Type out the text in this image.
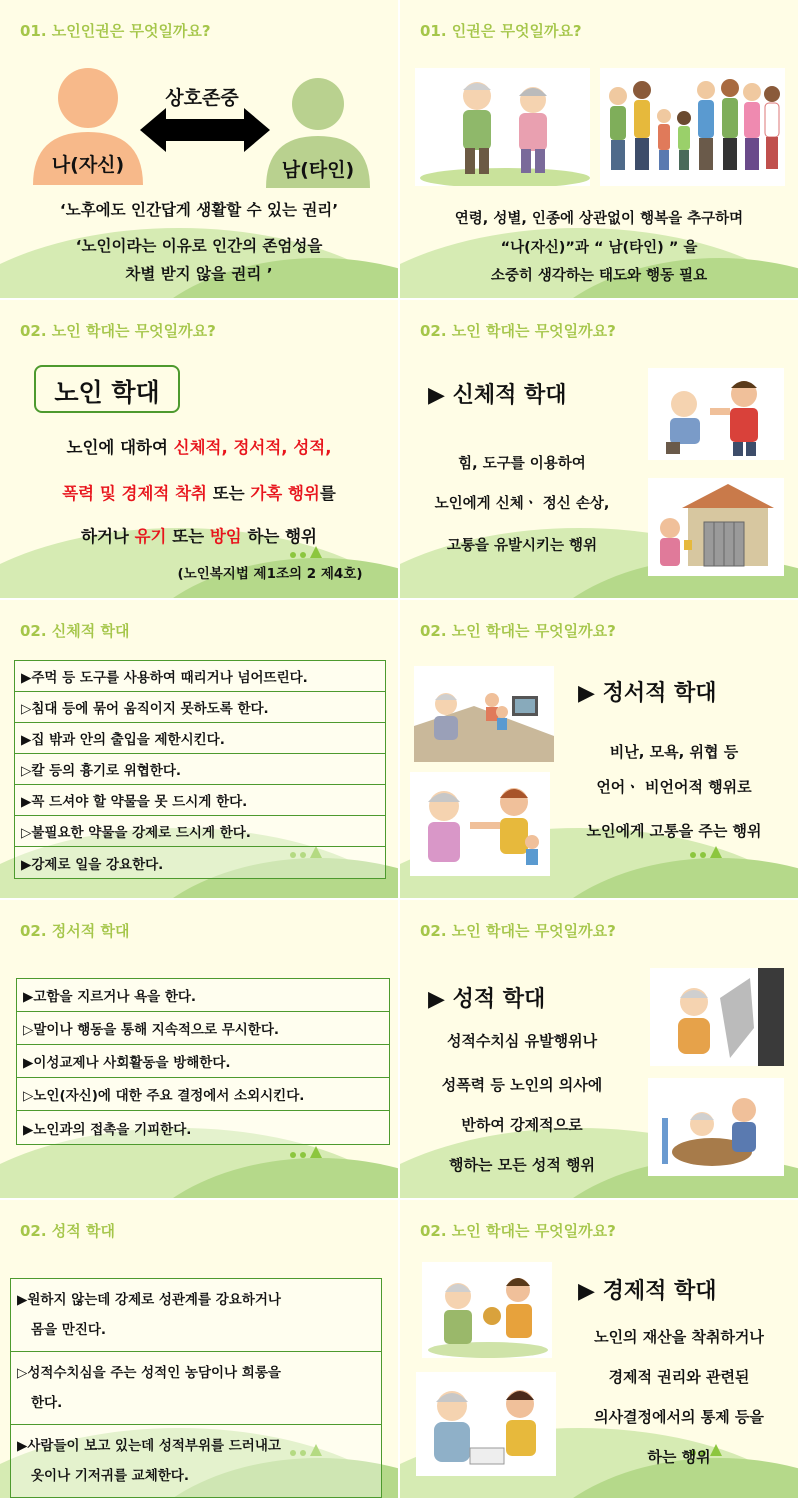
01. 노인인권은 무엇일까요?
나(자신)	남(타인)
상호존중
‘노후에도 인간답게 생활할 수 있는 권리’
‘노인이라는 이유로 인간의 존엄성을
차별 받지 않을 권리 ’
01. 인권은 무엇일까요?
연령, 성별, 인종에 상관없이 행복을 추구하며
“나(자신)”과 “ 남(타인) ” 을
소중히 생각하는 태도와 행동 필요
02. 노인 학대는 무엇일까요?
노인 학대
노인에 대하여 신체적, 정서적, 성적,
폭력 및 경제적 착취 또는 가혹 행위를
하거나 유기 또는 방임 하는 행위
(노인복지법 제1조의 2 제4호)
02. 노인 학대는 무엇일까요?
▶ 신체적 학대
힘, 도구를 이용하여
노인에게 신체ㆍ 정신 손상,
고통을 유발시키는 행위
02. 신체적 학대
▶주먹 등 도구를 사용하여 때리거나 넘어뜨린다.
▷침대 등에 묶어 움직이지 못하도록 한다.
▶집 밖과 안의 출입을 제한시킨다.
▷칼 등의 흉기로 위협한다.
▶꼭 드셔야 할 약물을 못 드시게 한다.
▷불필요한 약물을 강제로 드시게 한다.
▶강제로 일을 강요한다.
02. 노인 학대는 무엇일까요?
▶ 정서적 학대
비난, 모욕, 위협 등
언어ㆍ 비언어적 행위로
노인에게 고통을 주는 행위
02. 정서적 학대
▶고함을 지르거나 욕을 한다.
▷말이나 행동을 통해 지속적으로 무시한다.
▶이성교제나 사회활동을 방해한다.
▷노인(자신)에 대한 주요 결정에서 소외시킨다.
▶노인과의 접촉을 기피한다.
02. 노인 학대는 무엇일까요?
▶ 성적 학대
성적수치심 유발행위나
성폭력 등 노인의 의사에
반하여 강제적으로
행하는 모든 성적 행위
02. 성적 학대
▶원하지 않는데 강제로 성관계를 강요하거나
몸을 만진다.
▷성적수치심을 주는 성적인 농담이나 희롱을
한다.
▶사람들이 보고 있는데 성적부위를 드러내고
옷이나 기저귀를 교체한다.
02. 노인 학대는 무엇일까요?
▶ 경제적 학대
노인의 재산을 착취하거나
경제적 권리와 관련된
의사결정에서의 통제 등을
하는 행위
